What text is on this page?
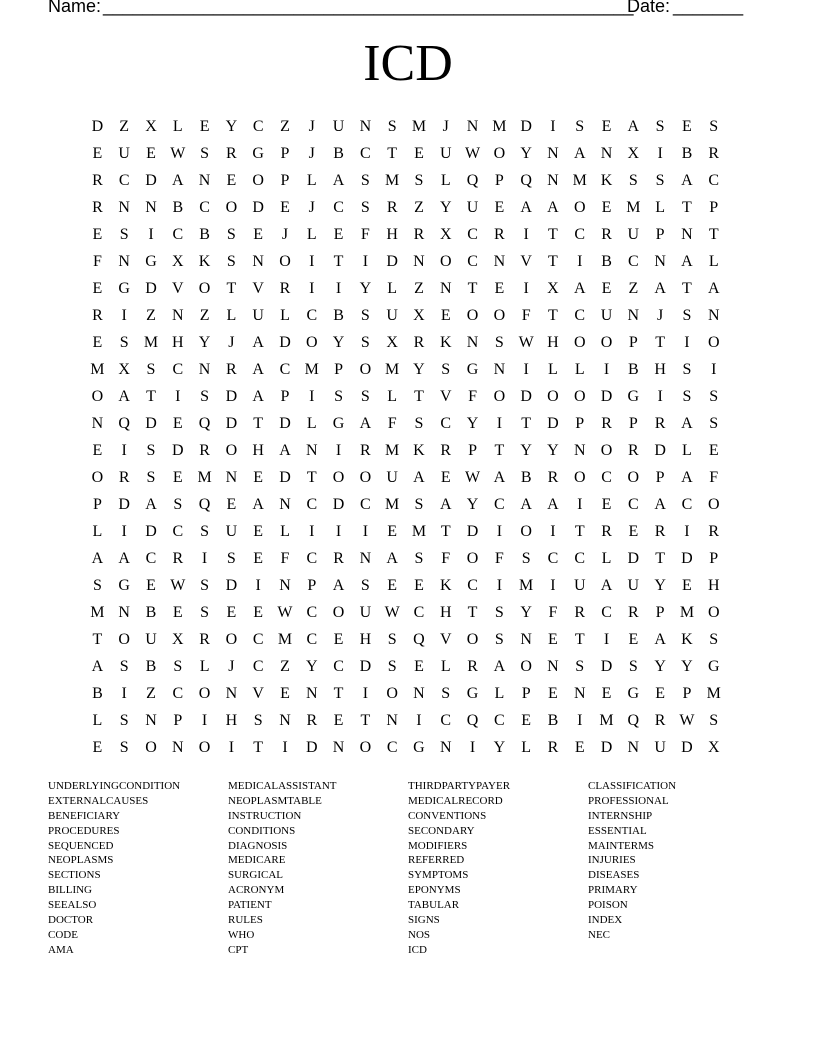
Name: _____________________________________________________
Date: _______
ICD
D	Z	X	L	E	Y C	Z	J	U N	S M	J	N M D	I	S	E	A	S	E	S
E	U	E W S	R G	P	J	B	C	T	E	U W O Y N A N X	I	B	R
R	C D A N	E	O	P	L	A	S M S	L	Q	P	Q N M K	S	S	A C
R N N B	C O D	E	J	C	S	R	Z	Y U	E	A A O	E M L	T	P
E	S	I	C	B	S	E	J	L	E	F	H R X C	R	I	T	C	R U	P	N	T
F	N G X K	S	N O	I	T	I	D N O C N V	T	I	B	C N A	L
E	G D V O	T	V R	I	I	Y	L	Z	N	T	E	I	X A	E	Z	A	T	A
R	I	Z	N	Z	L	U	L	C	B	S	U X	E	O O	F	T	C U N	J	S	N
E	S M H Y	J	A D O Y	S	X R K N	S W H O O	P	T	I	O
M X	S	C N R A C M P	O M Y	S	G N	I	L	L	I	B H	S	I
O A	T	I	S	D A	P	I	S	S	L	T	V	F	O D O O D G	I	S	S
N Q D	E	Q D	T	D	L	G A	F	S	C Y	I	T	D	P	R	P	R A	S
E	I	S	D R O H A N	I	R M K R	P	T	Y Y N O R D	L	E
O R	S	E M N	E	D	T	O O U A	E W A B	R O C O	P	A	F
P	D A	S	Q	E	A N C D C M S	A Y C A A	I	E	C A C O
L	I	D C	S	U	E	L	I	I	I	E M T	D	I	O	I	T	R	E	R	I	R
A A C	R	I	S	E	F	C	R N A	S	F	O	F	S	C	C	L	D	T	D	P
S	G	E W S	D	I	N	P	A	S	E	E	K C	I	M	I	U A U Y	E	H
M N B	E	S	E	E W C O U W C H	T	S	Y	F	R	C	R	P M O
T	O U X R O C M C	E	H	S	Q V O	S	N	E	T	I	E	A K	S
A	S	B	S	L	J	C	Z	Y C D	S	E	L	R A O N	S	D	S	Y Y G
B	I	Z	C O N V	E	N	T	I	O N	S	G	L	P	E	N	E	G	E	P M
L	S	N	P	I	H	S	N R	E	T	N	I	C Q C	E	B	I	M Q R W S
E	S	O N O	I	T	I	D N O C G N	I	Y	L	R	E	D N U D X
UNDERLYINGCONDITION
EXTERNALCAUSES
BENEFICIARY
PROCEDURES
SEQUENCED
NEOPLASMS
SECTIONS
BILLING
SEEALSO
DOCTOR
CODE
AMA
MEDICALASSISTANT
NEOPLASMTABLE
INSTRUCTION
CONDITIONS
DIAGNOSIS
MEDICARE
SURGICAL
ACRONYM
PATIENT
RULES
WHO
CPT
THIRDPARTYPAYER
MEDICALRECORD
CONVENTIONS
SECONDARY
MODIFIERS
REFERRED
SYMPTOMS
EPONYMS
TABULAR
SIGNS
NOS
ICD
CLASSIFICATION
PROFESSIONAL
INTERNSHIP
ESSENTIAL
MAINTERMS
INJURIES
DISEASES
PRIMARY
POISON
INDEX
NEC
